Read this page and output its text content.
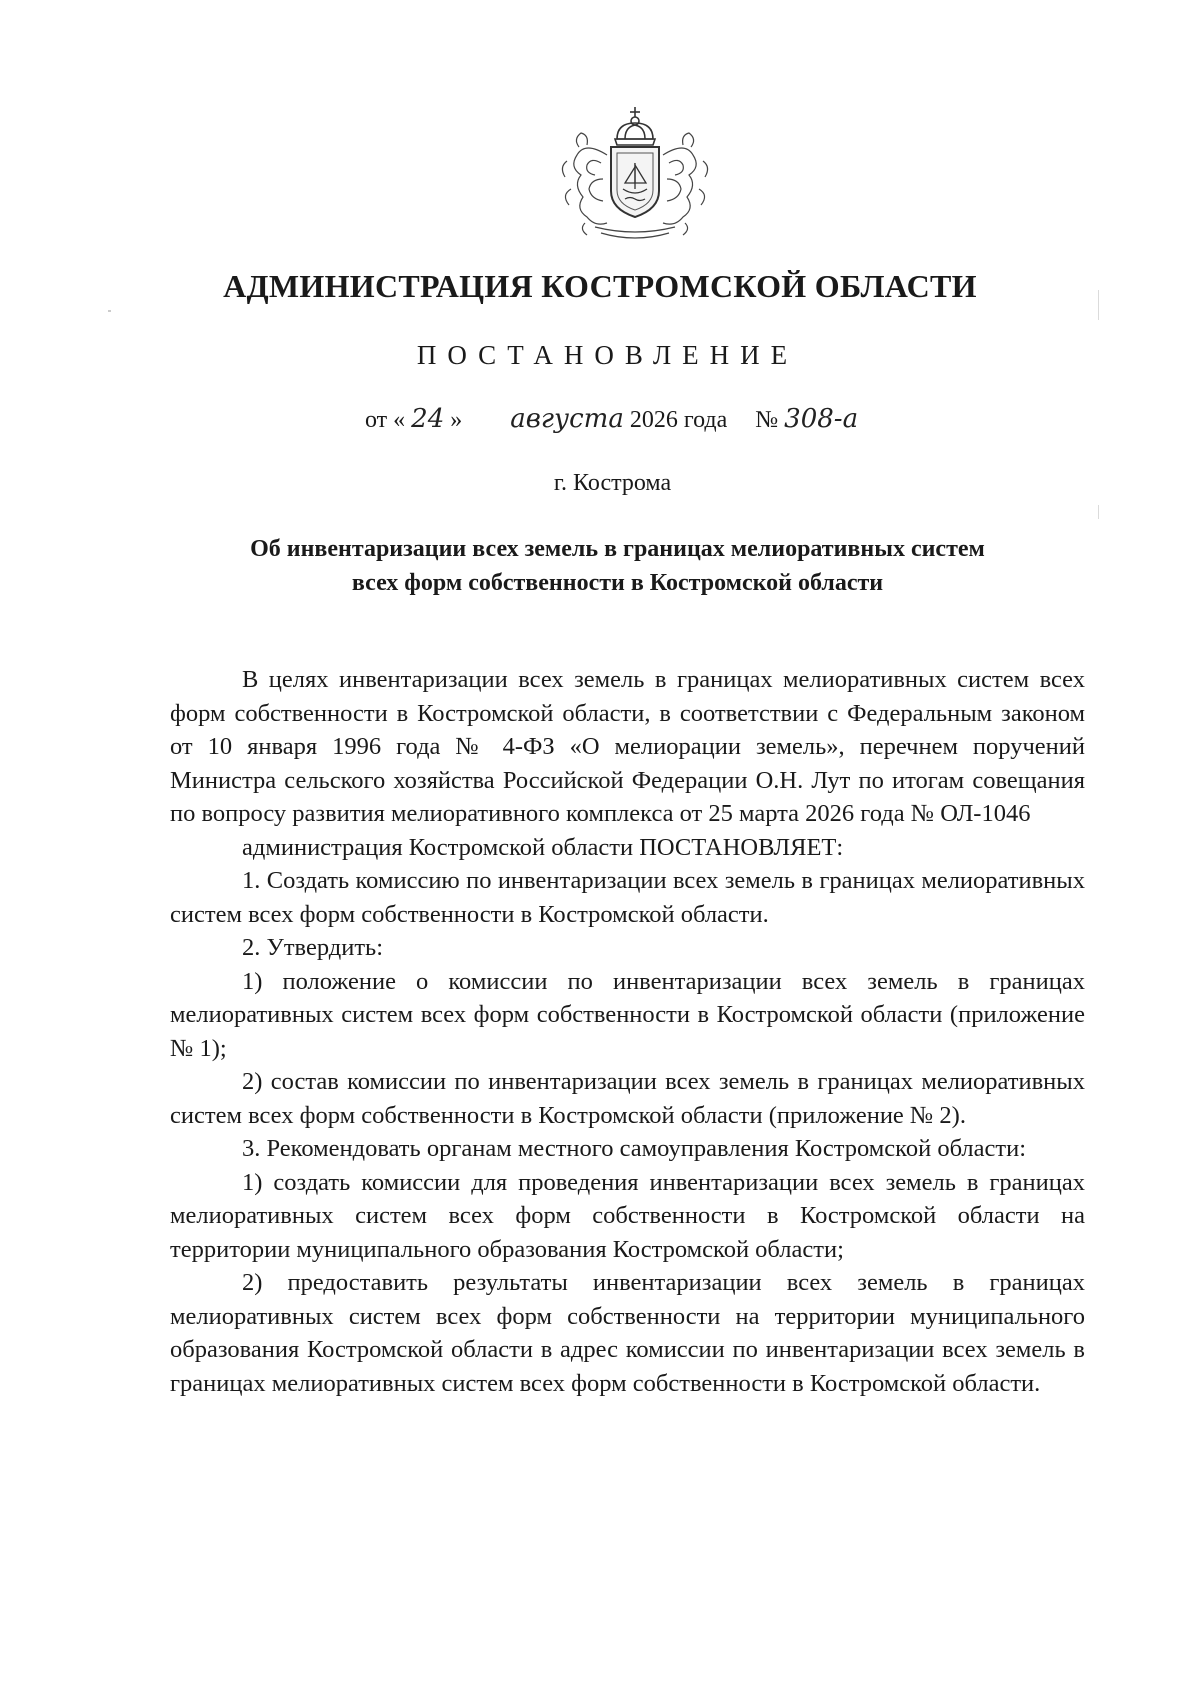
АДМИНИСТРАЦИЯ КОСТРОМСКОЙ ОБЛАСТИ
ПОСТАНОВЛЕНИЕ
от « 24 » августа 2026 года № 308-а
г. Кострома
Об инвентаризации всех земель в границах мелиоративных систем
всех форм собственности в Костромской области

В целях инвентаризации всех земель в границах мелиоративных систем всех форм собственности в Костромской области, в соответствии с Федеральным законом от 10 января 1996 года № 4-ФЗ «О мелиорации земель», перечнем поручений Министра сельского хозяйства Российской Федерации О.Н. Лут по итогам совещания по вопросу развития мелиоративного комплекса от 25 марта 2026 года № ОЛ-1046

администрация Костромской области ПОСТАНОВЛЯЕТ:

1. Создать комиссию по инвентаризации всех земель в границах мелиоративных систем всех форм собственности в Костромской области.

2. Утвердить:

1) положение о комиссии по инвентаризации всех земель в границах мелиоративных систем всех форм собственности в Костромской области (приложение № 1);

2) состав комиссии по инвентаризации всех земель в границах мелиоративных систем всех форм собственности в Костромской области (приложение № 2).

3. Рекомендовать органам местного самоуправления Костромской области:

1) создать комиссии для проведения инвентаризации всех земель в границах мелиоративных систем всех форм собственности в Костромской области на территории муниципального образования Костромской области;

2) предоставить результаты инвентаризации всех земель в границах мелиоративных систем всех форм собственности на территории муниципального образования Костромской области в адрес комиссии по инвентаризации всех земель в границах мелиоративных систем всех форм собственности в Костромской области.
